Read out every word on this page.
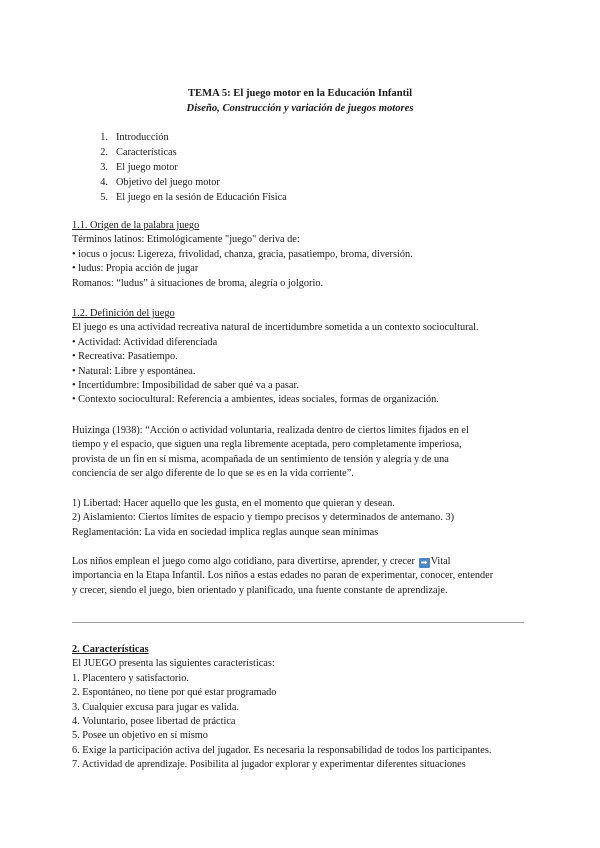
TEMA 5: El juego motor en la Educación Infantil
Diseño, Construcción y variación de juegos motores
1. Introducción
2. Características
3. El juego motor
4. Objetivo del juego motor
5. El juego en la sesión de Educación Física
1.1. Origen de la palabra juego
Términos latinos: Etimológicamente "juego" deriva de:
• iocus o jocus: Ligereza, frivolidad, chanza, gracia, pasatiempo, broma, diversión.
• ludus: Propia acción de jugar
Romanos: “ludus” à situaciones de broma, alegría o jolgorio.
1.2. Definición del juego
El juego es una actividad recreativa natural de incertidumbre sometida a un contexto sociocultural.
• Actividad: Actividad diferenciada
• Recreativa: Pasatiempo.
• Natural: Libre y espontánea.
• Incertidumbre: Imposibilidad de saber qué va a pasar.
• Contexto sociocultural: Referencia a ambientes, ideas sociales, formas de organización.
Huizinga (1938): “Acción o actividad voluntaria, realizada dentro de ciertos límites fijados en el
tiempo y el espacio, que siguen una regla libremente aceptada, pero completamente imperiosa,
provista de un fin en sí misma, acompañada de un sentimiento de tensión y alegría y de una
conciencia de ser algo diferente de lo que se es en la vida corriente”.
1) Libertad: Hacer aquello que les gusta, en el momento que quieran y desean.
2) Aislamiento: Ciertos límites de espacio y tiempo precisos y determinados de antemano. 3)
Reglamentación: La vida en sociedad implica reglas aunque sean mínimas
Los niños emplean el juego como algo cotidiano, para divertirse, aprender, y crecer ➡ Vital
importancia en la Etapa Infantil. Los niños a estas edades no paran de experimentar, conocer, entender
y crecer, siendo el juego, bien orientado y planificado, una fuente constante de aprendizaje.
2. Características
El JUEGO presenta las siguientes características:
1. Placentero y satisfactorio.
2. Espontáneo, no tiene por qué estar programado
3. Cualquier excusa para jugar es valida.
4. Voluntario, posee libertad de práctica
5. Posee un objetivo en sí mismo
6. Exige la participación activa del jugador. Es necesaria la responsabilidad de todos los participantes.
7. Actividad de aprendizaje. Posibilita al jugador explorar y experimentar diferentes situaciones
